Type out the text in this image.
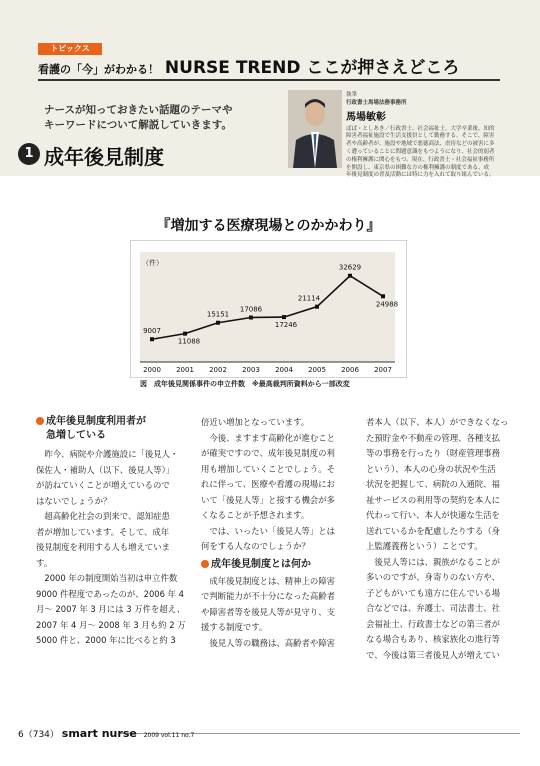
トピックス
看護の「今」がわかる！ NURSE TREND ここが押さえどころ
ナースが知っておきたい話題のテーマや
キーワードについて解説していきます。
1 成年後見制度
執筆
行政書士馬場法務事務所
馬場敏彰
ばば・としあき／行政書士、社会福祉士。大学卒業後、知的
障害者福祉施設で生活支援員として勤務する。そこで、障害
者や高齢者が、施設や地域で悪徳商法、虐待などの被害に多
く遭っていることに問題意識をもつようになり、社会的弱者
の権利擁護に関心をもつ。現在、行政書士・社会福祉事務所
を開設し、東京県の困難な方の権利擁護の制度である、成
年後見制度の普及活動には特に力を入れて取り組んでいる。
『増加する医療現場とのかかわり』
（件）
9007
2000
11088
2001
15151
2002
17086
2003
17246
2004
21114
2005
32629
2006
24988
2007
図　成年後見関係事件の申立件数　※最高裁判所資料から一部改変
成年後見制度利用者が
急増している

　昨今、病院や介護施設に「後見人・

保佐人・補助人（以下、後見人等）」

が訪ねていくことが増えているので

はないでしょうか？

　超高齢化社会の到来で、認知症患

者が増加しています。そして、成年

後見制度を利用する人も増えていま

す。

　2000 年の制度開始当初は申立件数

9000 件程度であったのが、2006 年 4

月～ 2007 年 3 月には 3 万件を超え、

2007 年 4 月～ 2008 年 3 月も約 2 万

5000 件と、2000 年に比べると約 3

倍近い増加となっています。

　今後、ますます高齢化が進むこと

が確実ですので、成年後見制度の利

用も増加していくことでしょう。そ

れに伴って、医療や看護の現場にお

いて「後見人等」と接する機会が多

くなることが予想されます。

　では、いったい「後見人等」とは

何をする人なのでしょうか？

成年後見制度とは何か

　成年後見制度とは、精神上の障害

で判断能力が不十分になった高齢者

や障害者等を後見人等が見守り、支

援する制度です。

　後見人等の職務は、高齢者や障害

者本人（以下、本人）ができなくなっ

た預貯金や不動産の管理、各種支払

等の事務を行ったり（財産管理事務

という）、本人の心身の状況や生活

状況を把握して、病院の入通院、福

祉サービスの利用等の契約を本人に

代わって行い、本人が快適な生活を

送れているかを配慮したりする（身

上監護義務という）ことです。

　後見人等には、親族がなることが

多いのですが、身寄りのない方や、

子どもがいても遠方に住んでいる場

合などでは、弁護士、司法書士、社

会福祉士、行政書士などの第三者が

なる場合もあり、核家族化の進行等

で、今後は第三者後見人が増えてい

6（734） smart nurse 2009 vol.11 no.7
